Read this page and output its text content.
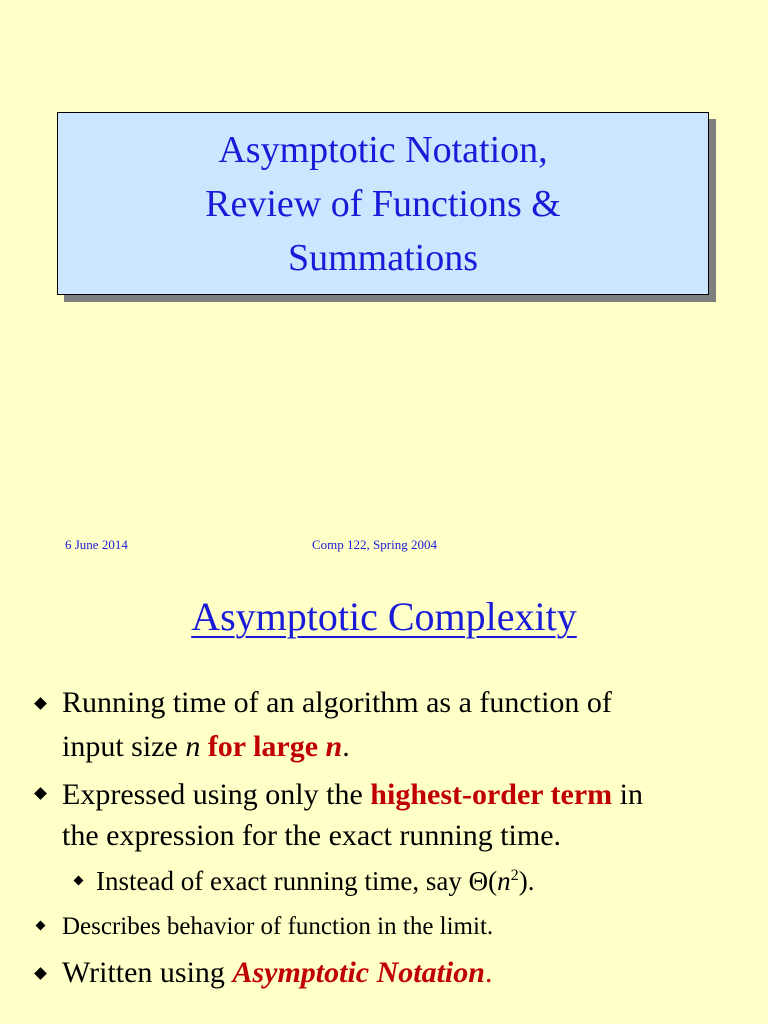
Asymptotic Notation,
Review of Functions &
Summations
6 June 2014	Comp 122, Spring 2004
Asymptotic Complexity
Running time of an algorithm as a function of
input size n for large n.
Expressed using only the highest-order term in
the expression for the exact running time.
Instead of exact running time, say $\Theta(n^2)$.
Describes behavior of function in the limit.
Written using Asymptotic Notation.
